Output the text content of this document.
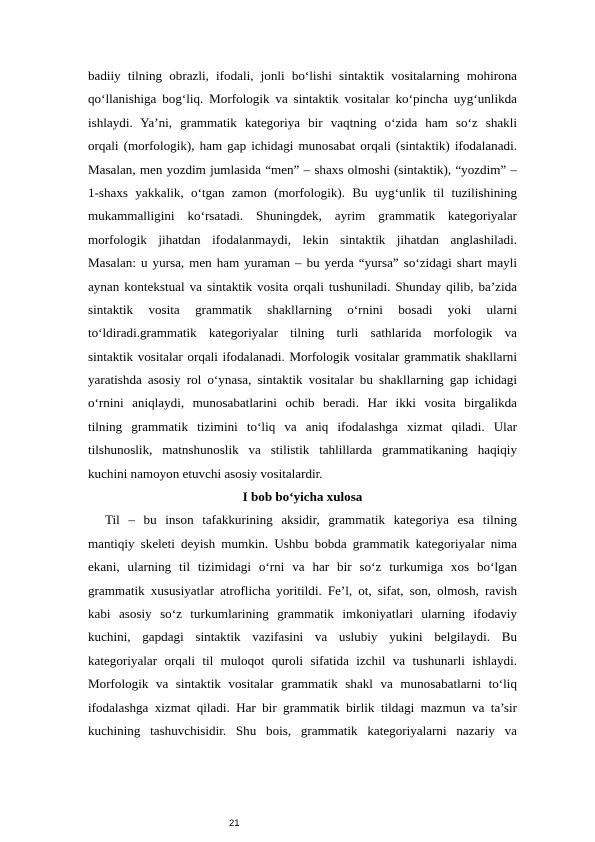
badiiy tilning obrazli, ifodali, jonli bo‘lishi sintaktik vositalarning mohirona
qo‘llanishiga bog‘liq. Morfologik va sintaktik vositalar ko‘pincha uyg‘unlikda
ishlaydi. Ya’ni, grammatik kategoriya bir vaqtning o‘zida ham so‘z shakli
orqali (morfologik), ham gap ichidagi munosabat orqali (sintaktik) ifodalanadi.
Masalan, men yozdim jumlasida “men” – shaxs olmoshi (sintaktik), “yozdim” –
1-shaxs yakkalik, o‘tgan zamon (morfologik). Bu uyg‘unlik til tuzilishining
mukammalligini ko‘rsatadi. Shuningdek, ayrim grammatik kategoriyalar
morfologik jihatdan ifodalanmaydi, lekin sintaktik jihatdan anglashiladi.
Masalan: u yursa, men ham yuraman – bu yerda “yursa” so‘zidagi shart mayli
aynan kontekstual va sintaktik vosita orqali tushuniladi. Shunday qilib, ba’zida
sintaktik vosita grammatik shakllarning o‘rnini bosadi yoki ularni
to‘ldiradi.grammatik kategoriyalar tilning turli sathlarida morfologik va
sintaktik vositalar orqali ifodalanadi. Morfologik vositalar grammatik shakllarni
yaratishda asosiy rol o‘ynasa, sintaktik vositalar bu shakllarning gap ichidagi
o‘rnini aniqlaydi, munosabatlarini ochib beradi. Har ikki vosita birgalikda
tilning grammatik tizimini to‘liq va aniq ifodalashga xizmat qiladi. Ular
tilshunoslik, matnshunoslik va stilistik tahlillarda grammatikaning haqiqiy
kuchini namoyon etuvchi asosiy vositalardir.
I bob bo‘yicha xulosa
Til – bu inson tafakkurining aksidir, grammatik kategoriya esa tilning
mantiqiy skeleti deyish mumkin. Ushbu bobda grammatik kategoriyalar nima
ekani, ularning til tizimidagi o‘rni va har bir so‘z turkumiga xos bo‘lgan
grammatik xususiyatlar atroflicha yoritildi. Fe’l, ot, sifat, son, olmosh, ravish
kabi asosiy so‘z turkumlarining grammatik imkoniyatlari ularning ifodaviy
kuchini, gapdagi sintaktik vazifasini va uslubiy yukini belgilaydi. Bu
kategoriyalar orqali til muloqot quroli sifatida izchil va tushunarli ishlaydi.
Morfologik va sintaktik vositalar grammatik shakl va munosabatlarni to‘liq
ifodalashga xizmat qiladi. Har bir grammatik birlik tildagi mazmun va ta’sir
kuchining tashuvchisidir. Shu bois, grammatik kategoriyalarni nazariy va
21
